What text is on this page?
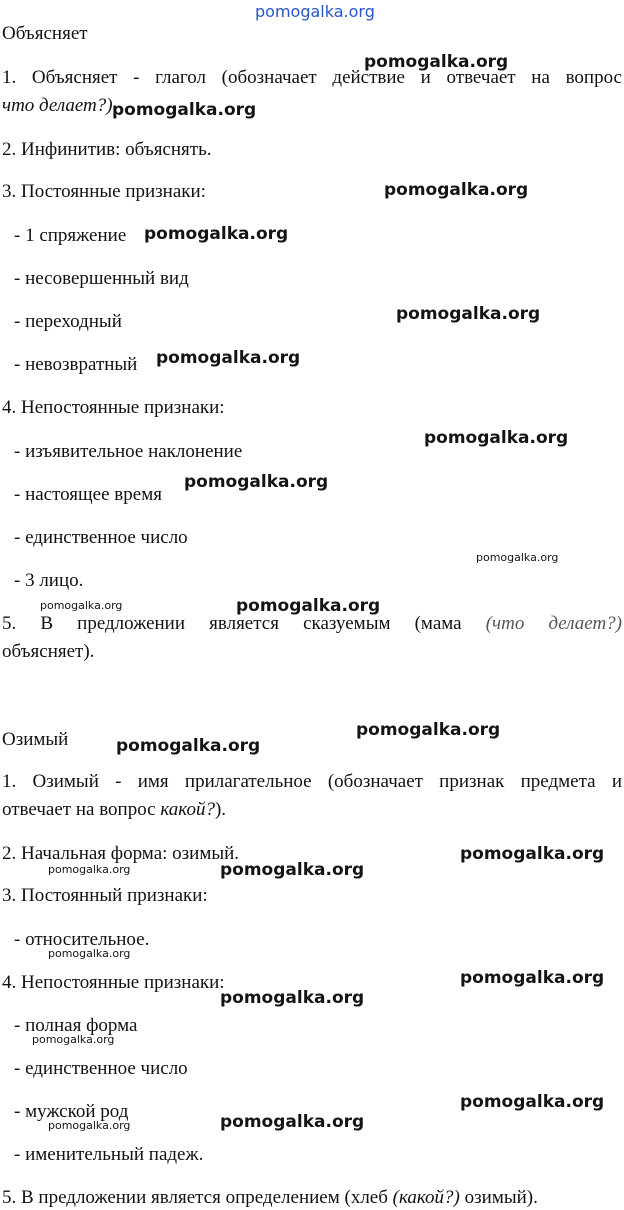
Объясняет
1. Объясняет - глагол (обозначает действие и отвечает на вопрос
что делает?).
2. Инфинитив: объяснять.
3. Постоянные признаки:
- 1 спряжение
- несовершенный вид
- переходный
- невозвратный
4. Непостоянные признаки:
- изъявительное наклонение
- настоящее время
- единственное число
- 3 лицо.
5. В предложении является сказуемым (мама (что делает?)
объясняет).
Озимый
1. Озимый - имя прилагательное (обозначает признак предмета и
отвечает на вопрос какой?).
2. Начальная форма: озимый.
3. Постоянный признаки:
- относительное.
4. Непостоянные признаки:
- полная форма
- единственное число
- мужской род
- именительный падеж.
5. В предложении является определением (хлеб (какой?) озимый).
pomogalka.org
pomogalka.org
pomogalka.org
pomogalka.org
pomogalka.org
pomogalka.org
pomogalka.org
pomogalka.org
pomogalka.org
pomogalka.org
pomogalka.org	pomogalka.org
pomogalka.org
pomogalka.org
pomogalka.org
pomogalka.org
pomogalka.org
pomogalka.org
pomogalka.org
pomogalka.org
pomogalka.org
pomogalka.org
pomogalka.org
pomogalka.org
